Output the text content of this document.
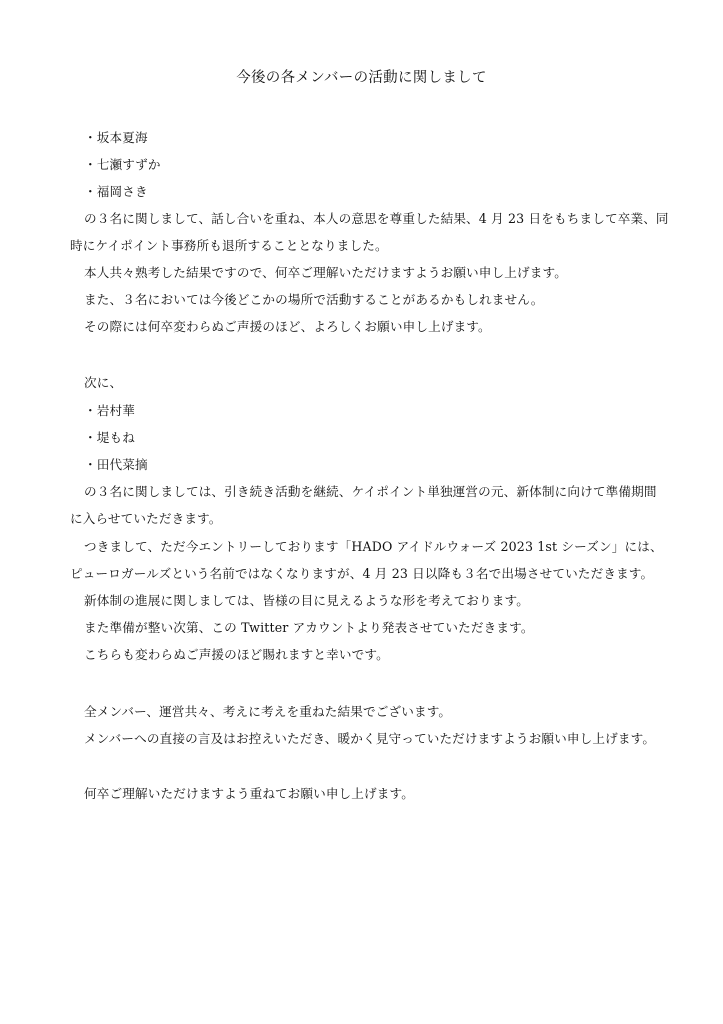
今後の各メンバーの活動に関しまして
・坂本夏海
・七瀬すずか
・福岡さき
の３名に関しまして、話し合いを重ね、本人の意思を尊重した結果、4 月 23 日をもちまして卒業、同
時にケイポイント事務所も退所することとなりました。
本人共々熟考した結果ですので、何卒ご理解いただけますようお願い申し上げます。
また、３名においては今後どこかの場所で活動することがあるかもしれません。
その際には何卒変わらぬご声援のほど、よろしくお願い申し上げます。
次に、
・岩村華
・堤もね
・田代菜摘
の３名に関しましては、引き続き活動を継続、ケイポイント単独運営の元、新体制に向けて準備期間
に入らせていただきます。
つきまして、ただ今エントリーしております「HADO アイドルウォーズ 2023 1st シーズン」には、
ピューロガールズという名前ではなくなりますが、4 月 23 日以降も３名で出場させていただきます。
新体制の進展に関しましては、皆様の目に見えるような形を考えております。
また準備が整い次第、この Twitter アカウントより発表させていただきます。
こちらも変わらぬご声援のほど賜れますと幸いです。
全メンバー、運営共々、考えに考えを重ねた結果でございます。
メンバーへの直接の言及はお控えいただき、暖かく見守っていただけますようお願い申し上げます。
何卒ご理解いただけますよう重ねてお願い申し上げます。
